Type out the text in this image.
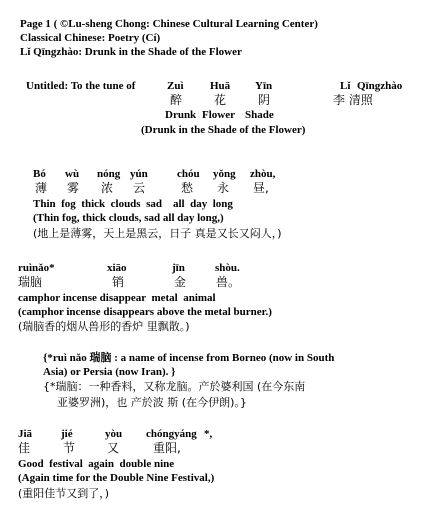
Page 1 ( ©Lu-sheng Chong: Chinese Cultural Learning Center)
Classical Chinese: Poetry (Cí)
Lǐ Qīngzhào: Drunk in the Shade of the Flower
Untitled: To the tune of	Zuì Huā Yīn	Lǐ Qīngzhào
醉	花	阴	李 清照
Drunk Flower Shade
(Drunk in the Shade of the Flower)
Bó wù nóng yún	chóu yǒng zhòu,
薄 雾 浓 云	愁 永 昼,
Thin  fog  thick  clouds  sad    all  day  long
(Thin fog, thick clouds, sad all day long,)
(地上是薄雾，天上是黑云，日子 真是又长又闷人，)
ruìnǎo*	xiāo	jīn	shòu.
瑞脑	销	金 兽。
camphor incense disappear  metal  animal
(camphor incense disappears above the metal burner.)
(瑞脑香的烟从兽形的香炉 里飘散。)
{*ruì nǎo 瑞脑 : a name of incense from Borneo (now in South
Asia) or Persia (now Iran). }
{*瑞脑：一种香料，又称龙脑。产於婆利国 (在今东南
亚婆罗洲)，也 产於波 斯 (在今伊朗)。}
Jiā	jié	yòu chóngyáng *,
佳	节	又	重阳,
Good  festival  again  double nine
(Again time for the Double Nine Festival,)
(重阳佳节又到了，)
